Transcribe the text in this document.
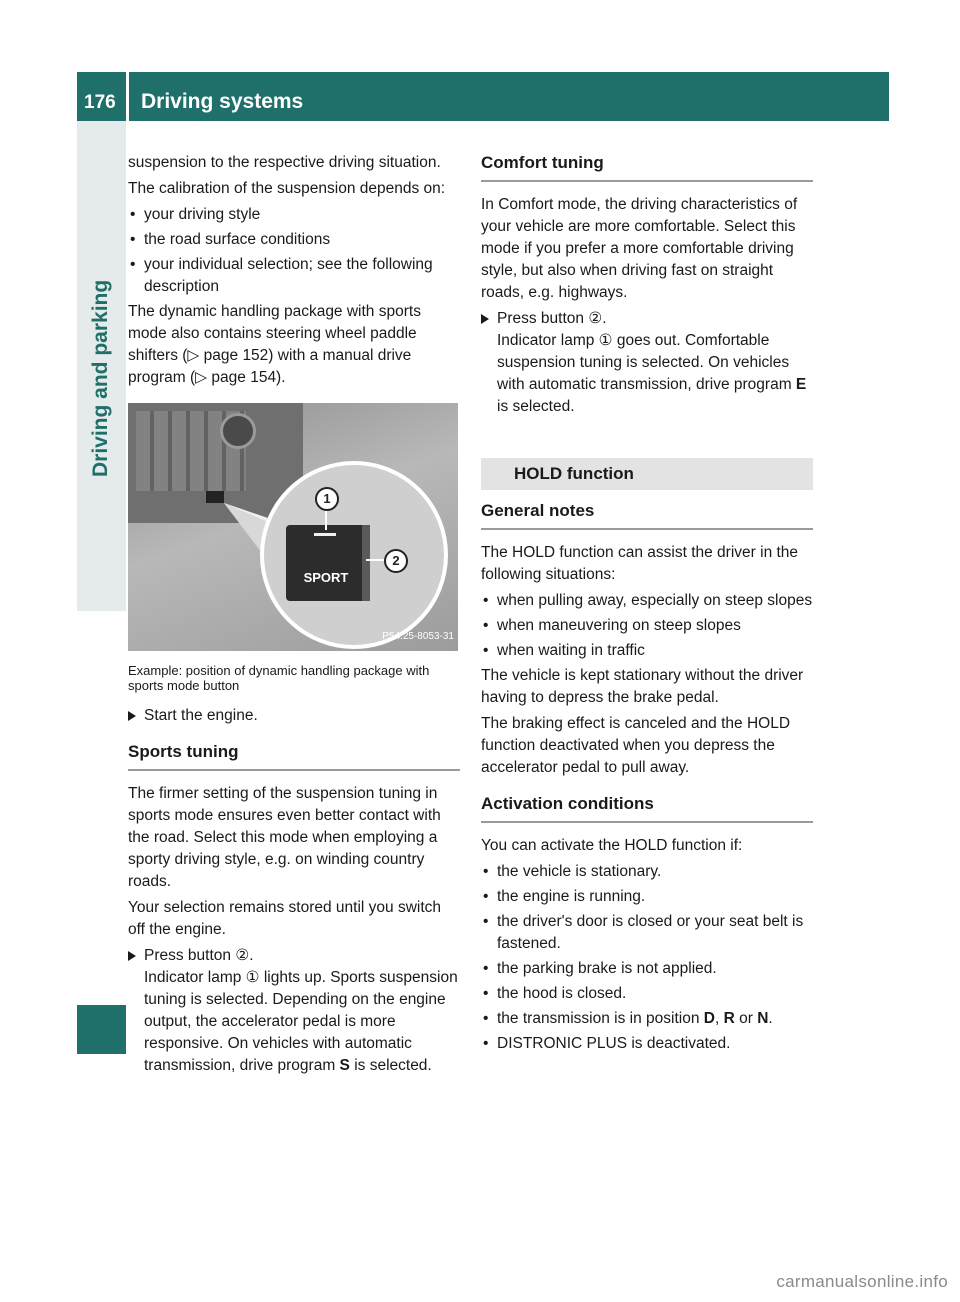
176 Driving systems
Driving and parking

suspension to the respective driving situation.

The calibration of the suspension depends on:

• your driving style
• the road surface conditions
• your individual selection; see the following description

The dynamic handling package with sports mode also contains steering wheel paddle shifters (▷ page 152) with a manual drive program (▷ page 154).

SPORT
1
2
P54.25-8053-31
Example: position of dynamic handling package with sports mode button
Start the engine.
Sports tuning

The firmer setting of the suspension tuning in sports mode ensures even better contact with the road. Select this mode when employing a sporty driving style, e.g. on winding country roads.

Your selection remains stored until you switch off the engine.

Press button ②.
Indicator lamp ① lights up. Sports suspension tuning is selected. Depending on the engine output, the accelerator pedal is more responsive. On vehicles with automatic transmission, drive program S is selected.
Comfort tuning

In Comfort mode, the driving characteristics of your vehicle are more comfortable. Select this mode if you prefer a more comfortable driving style, but also when driving fast on straight roads, e.g. highways.

Press button ②.
Indicator lamp ① goes out. Comfortable suspension tuning is selected. On vehicles with automatic transmission, drive program E is selected.
HOLD function
General notes

The HOLD function can assist the driver in the following situations:

• when pulling away, especially on steep slopes
• when maneuvering on steep slopes
• when waiting in traffic

The vehicle is kept stationary without the driver having to depress the brake pedal.

The braking effect is canceled and the HOLD function deactivated when you depress the accelerator pedal to pull away.

Activation conditions

You can activate the HOLD function if:

• the vehicle is stationary.
• the engine is running.
• the driver's door is closed or your seat belt is fastened.
• the parking brake is not applied.
• the hood is closed.
• the transmission is in position D, R or N.
• DISTRONIC PLUS is deactivated.
carmanualsonline.info
